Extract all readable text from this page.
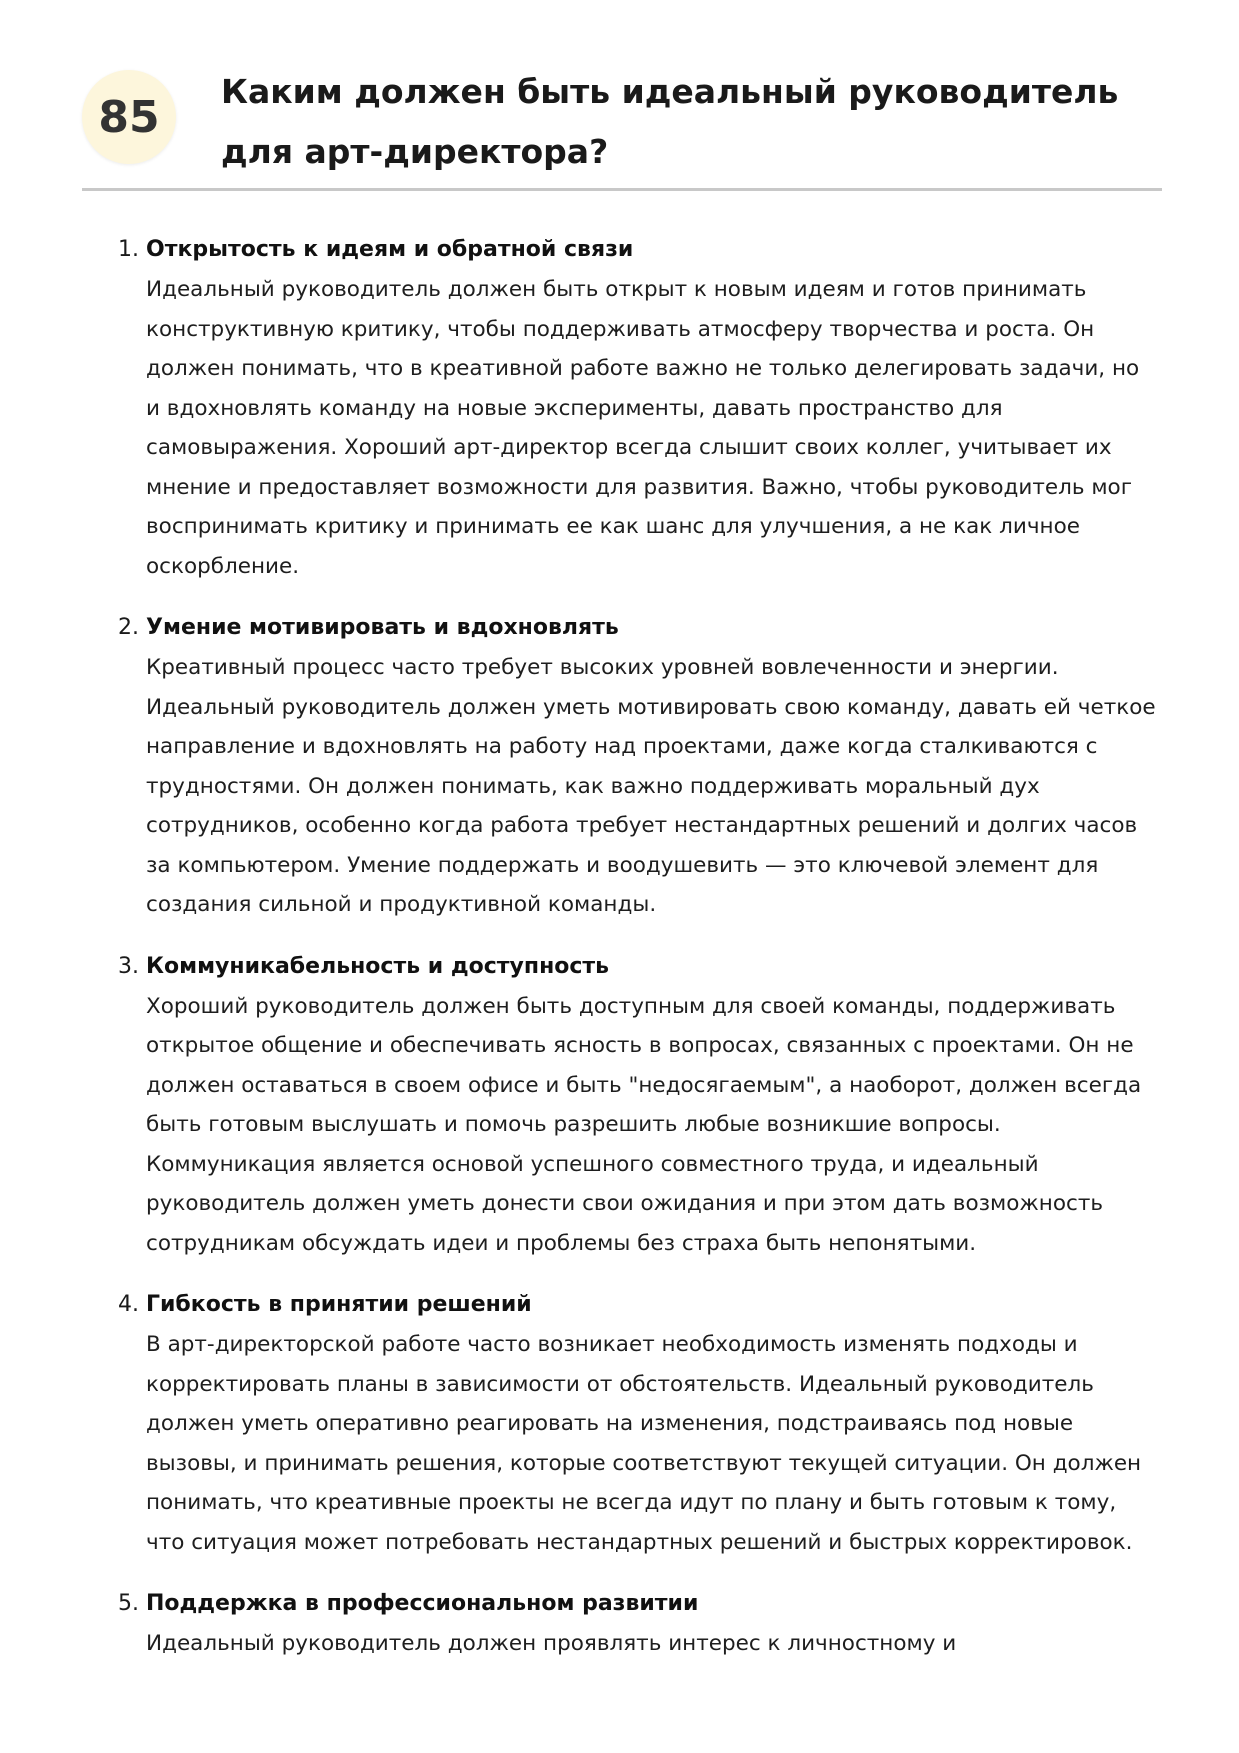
85	Каким должен быть идеальный руководитель
для арт-директора?
1. Открытость к идеям и обратной связи

Идеальный руководитель должен быть открыт к новым идеям и готов принимать
конструктивную критику, чтобы поддерживать атмосферу творчества и роста. Он
должен понимать, что в креативной работе важно не только делегировать задачи, но
и вдохновлять команду на новые эксперименты, давать пространство для
самовыражения. Хороший арт-директор всегда слышит своих коллег, учитывает их
мнение и предоставляет возможности для развития. Важно, чтобы руководитель мог
воспринимать критику и принимать ее как шанс для улучшения, а не как личное
оскорбление.

2. Умение мотивировать и вдохновлять

Креативный процесс часто требует высоких уровней вовлеченности и энергии.
Идеальный руководитель должен уметь мотивировать свою команду, давать ей четкое
направление и вдохновлять на работу над проектами, даже когда сталкиваются с
трудностями. Он должен понимать, как важно поддерживать моральный дух
сотрудников, особенно когда работа требует нестандартных решений и долгих часов
за компьютером. Умение поддержать и воодушевить — это ключевой элемент для
создания сильной и продуктивной команды.

3. Коммуникабельность и доступность

Хороший руководитель должен быть доступным для своей команды, поддерживать
открытое общение и обеспечивать ясность в вопросах, связанных с проектами. Он не
должен оставаться в своем офисе и быть "недосягаемым", а наоборот, должен всегда
быть готовым выслушать и помочь разрешить любые возникшие вопросы.
Коммуникация является основой успешного совместного труда, и идеальный
руководитель должен уметь донести свои ожидания и при этом дать возможность
сотрудникам обсуждать идеи и проблемы без страха быть непонятыми.

4. Гибкость в принятии решений

В арт-директорской работе часто возникает необходимость изменять подходы и
корректировать планы в зависимости от обстоятельств. Идеальный руководитель
должен уметь оперативно реагировать на изменения, подстраиваясь под новые
вызовы, и принимать решения, которые соответствуют текущей ситуации. Он должен
понимать, что креативные проекты не всегда идут по плану и быть готовым к тому,
что ситуация может потребовать нестандартных решений и быстрых корректировок.

5. Поддержка в профессиональном развитии

Идеальный руководитель должен проявлять интерес к личностному и
